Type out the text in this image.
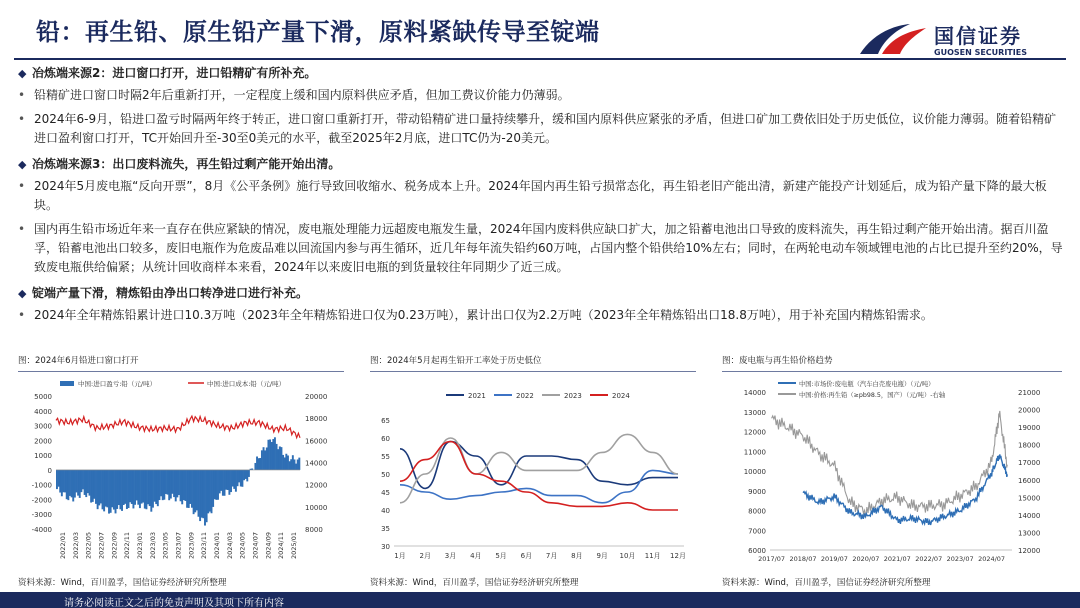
铅：再生铅、原生铅产量下滑，原料紧缺传导至锭端	国信证券
GUOSEN SECURITIES
◆ 冶炼端来源2：进口窗口打开，进口铅精矿有所补充。
• 铅精矿进口窗口时隔2年后重新打开，一定程度上缓和国内原料供应矛盾，但加工费议价能力仍薄弱。
• 2024年6-9月，铅进口盈亏时隔两年终于转正，进口窗口重新打开，带动铅精矿进口量持续攀升，缓和国内原料供应紧张的矛盾，但进口矿加工费依旧处于历史低位，议价能力薄弱。随着铅精矿进口盈利窗口打开，TC开始回升至-30至0美元的水平，截至2025年2月底，进口TC仍为-20美元。
◆ 冶炼端来源3：出口废料流失，再生铅过剩产能开始出清。
• 2024年5月废电瓶“反向开票”，8月《公平条例》施行导致回收缩水、税务成本上升。2024年国内再生铅亏损常态化，再生铅老旧产能出清，新建产能投产计划延后，成为铅产量下降的最大板块。
• 国内再生铅市场近年来一直存在供应紧缺的情况，废电瓶处理能力远超废电瓶发生量，2024年国内废料供应缺口扩大，加之铅蓄电池出口导致的废料流失，再生铅过剩产能开始出清。据百川盈孚，铅蓄电池出口较多，废旧电瓶作为危废品难以回流国内参与再生循环，近几年每年流失铅约60万吨，占国内整个铅供给10%左右；同时，在两轮电动车领域锂电池的占比已提升至约20%，导致废电瓶供给偏紧；从统计回收商样本来看，2024年以来废旧电瓶的到货量较往年同期少了近三成。
◆ 锭端产量下滑，精炼铅由净出口转净进口进行补充。
• 2024年全年精炼铅累计进口10.3万吨（2023年全年精炼铅进口仅为0.23万吨），累计出口仅为2.2万吨（2023年全年精炼铅出口18.8万吨），用于补充国内精炼铅需求。
图：2024年6月铅进口窗口打开
中国:进口盈亏:铅（元/吨）	中国:进口成本:铅（元/吨）
-4000
-3000
-2000
-1000
0
1000
2000
3000
4000
5000
8000
10000
12000
14000
16000
18000
20000
2022/01 2022/03 2022/05 2022/07 2022/09 2022/11 2023/01 2023/03 2023/05 2023/07 2023/09 2023/11 2024/01 2024/03 2024/05 2024/07 2024/09 2024/11 2025/01
资料来源：Wind，百川盈孚，国信证券经济研究所整理
图：2024年5月起再生铅开工率处于历史低位
2021	2022	2023	2024
30
35
40
45
50
55
60
65
1月 2月 3月 4月 5月 6月 7月 8月 9月 10月 11月 12月
资料来源：Wind，百川盈孚，国信证券经济研究所整理
图：废电瓶与再生铅价格趋势
中国:市场价:废电瓶（汽车白壳废电瓶）（元/吨）
中国:价格:再生铅（≥pb98.5，国产）（元/吨）-右轴
6000
7000
8000
9000
10000
11000
12000
13000
14000
12000
13000
14000
15000
16000
17000
18000
19000
20000
21000
2017/07 2018/07 2019/07 2020/07 2021/07 2022/07 2023/07 2024/07
资料来源：Wind，百川盈孚，国信证券经济研究所整理
请务必阅读正文之后的免责声明及其项下所有内容
